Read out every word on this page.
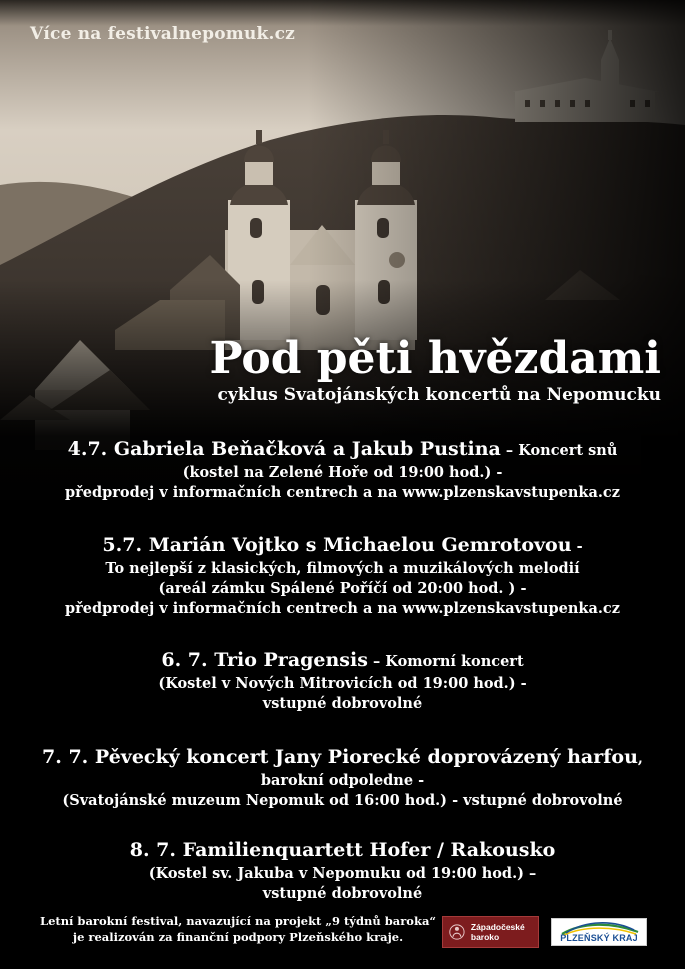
Více na festivalnepomuk.cz
Pod pěti hvězdami
cyklus Svatojánských koncertů na Nepomucku
4.7. Gabriela Beňačková a Jakub Pustina – Koncert snů
(kostel na Zelené Hoře od 19:00 hod.) -
předprodej v informačních centrech a na www.plzenskavstupenka.cz
5.7. Marián Vojtko s Michaelou Gemrotovou -
To nejlepší z klasických, filmových a muzikálových melodií
(areál zámku Spálené Poříčí od 20:00 hod. ) -
předprodej v informačních centrech a na www.plzenskavstupenka.cz
6. 7. Trio Pragensis – Komorní koncert
(Kostel v Nových Mitrovicích od 19:00 hod.) -
vstupné dobrovolné
7. 7. Pěvecký koncert Jany Piorecké doprovázený harfou,
barokní odpoledne -
(Svatojánské muzeum Nepomuk od 16:00 hod.) - vstupné dobrovolné
8. 7. Familienquartett Hofer / Rakousko
(Kostel sv. Jakuba v Nepomuku od 19:00 hod.) –
vstupné dobrovolné
Letní barokní festival, navazující na projekt „9 týdnů baroka“
je realizován za finanční podpory Plzeňského kraje.
Západočeské baroko	PLZEŇSKÝ KRAJ
